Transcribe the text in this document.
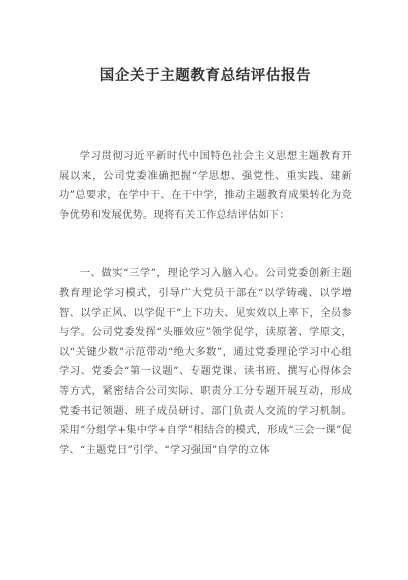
国企关于主题教育总结评估报告

学习贯彻习近平新时代中国特色社会主义思想主题教育开展以来，公司党委准确把握“学思想、强党性、重实践、建新功”总要求，在学中干、在干中学，推动主题教育成果转化为竞争优势和发展优势。现将有关工作总结评估如下：

一、做实“三学”，理论学习入脑入心。公司党委创新主题教育理论学习模式，引导广大党员干部在“以学铸魂、以学增智、以学正风、以学促干”上下功夫、见实效以上率下，全员参与学。公司党委发挥“头雁效应”领学促学，读原著、学原文，以“关键少数”示范带动“绝大多数”，通过党委理论学习中心组学习、党委会“第一议题”、专题党课、读书班、撰写心得体会等方式，紧密结合公司实际、职责分工分专题开展互动，形成党委书记领题、班子成员研讨、部门负责人交流的学习机制。采用“分组学+集中学+自学”相结合的模式，形成“三会一课”促学、“主题党日”引学、“学习强国”自学的立体
